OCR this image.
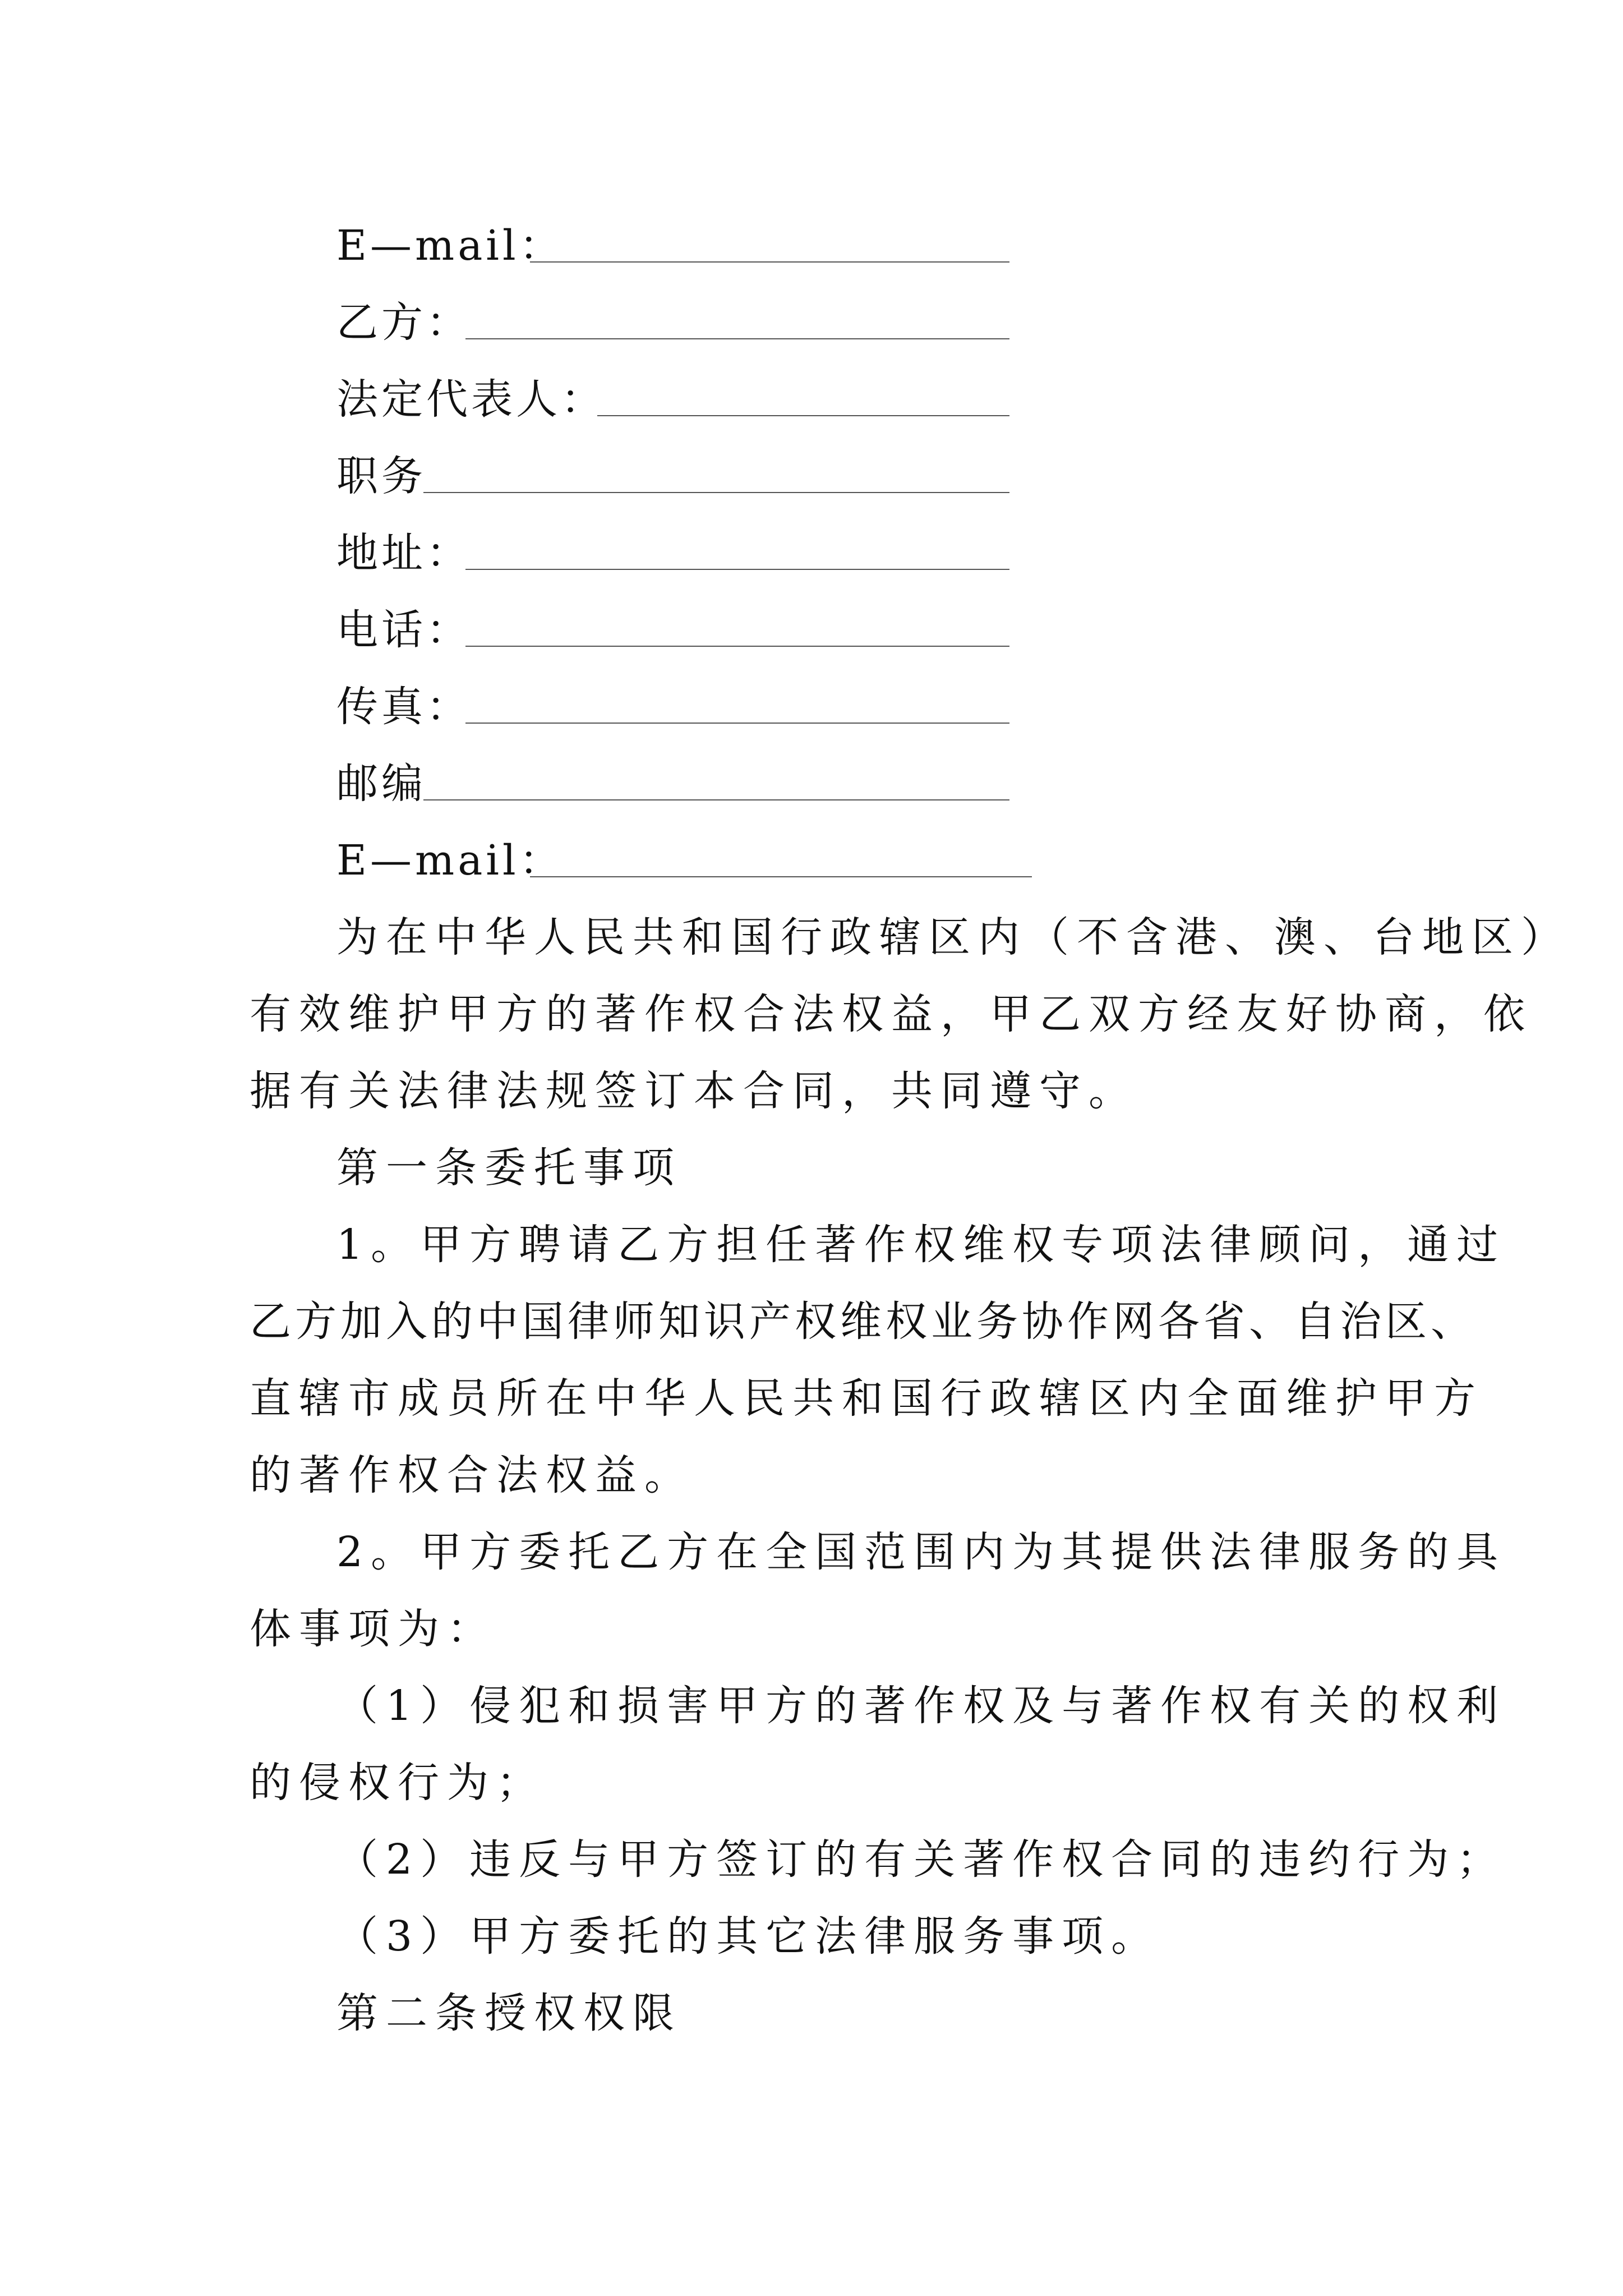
E—mail：
乙方：
法定代表人：
职务
地址：
电话：
传真：
邮编
E—mail：
为在中华人民共和国行政辖区内（不含港、澳、台地区）
有效维护甲方的著作权合法权益，甲乙双方经友好协商，依
据有关法律法规签订本合同，共同遵守。
第一条委托事项
1。甲方聘请乙方担任著作权维权专项法律顾问，通过
乙方加入的中国律师知识产权维权业务协作网各省、自治区、
直辖市成员所在中华人民共和国行政辖区内全面维护甲方
的著作权合法权益。
2。甲方委托乙方在全国范围内为其提供法律服务的具
体事项为：
（1）侵犯和损害甲方的著作权及与著作权有关的权利
的侵权行为；
（2）违反与甲方签订的有关著作权合同的违约行为；
（3）甲方委托的其它法律服务事项。
第二条授权权限
